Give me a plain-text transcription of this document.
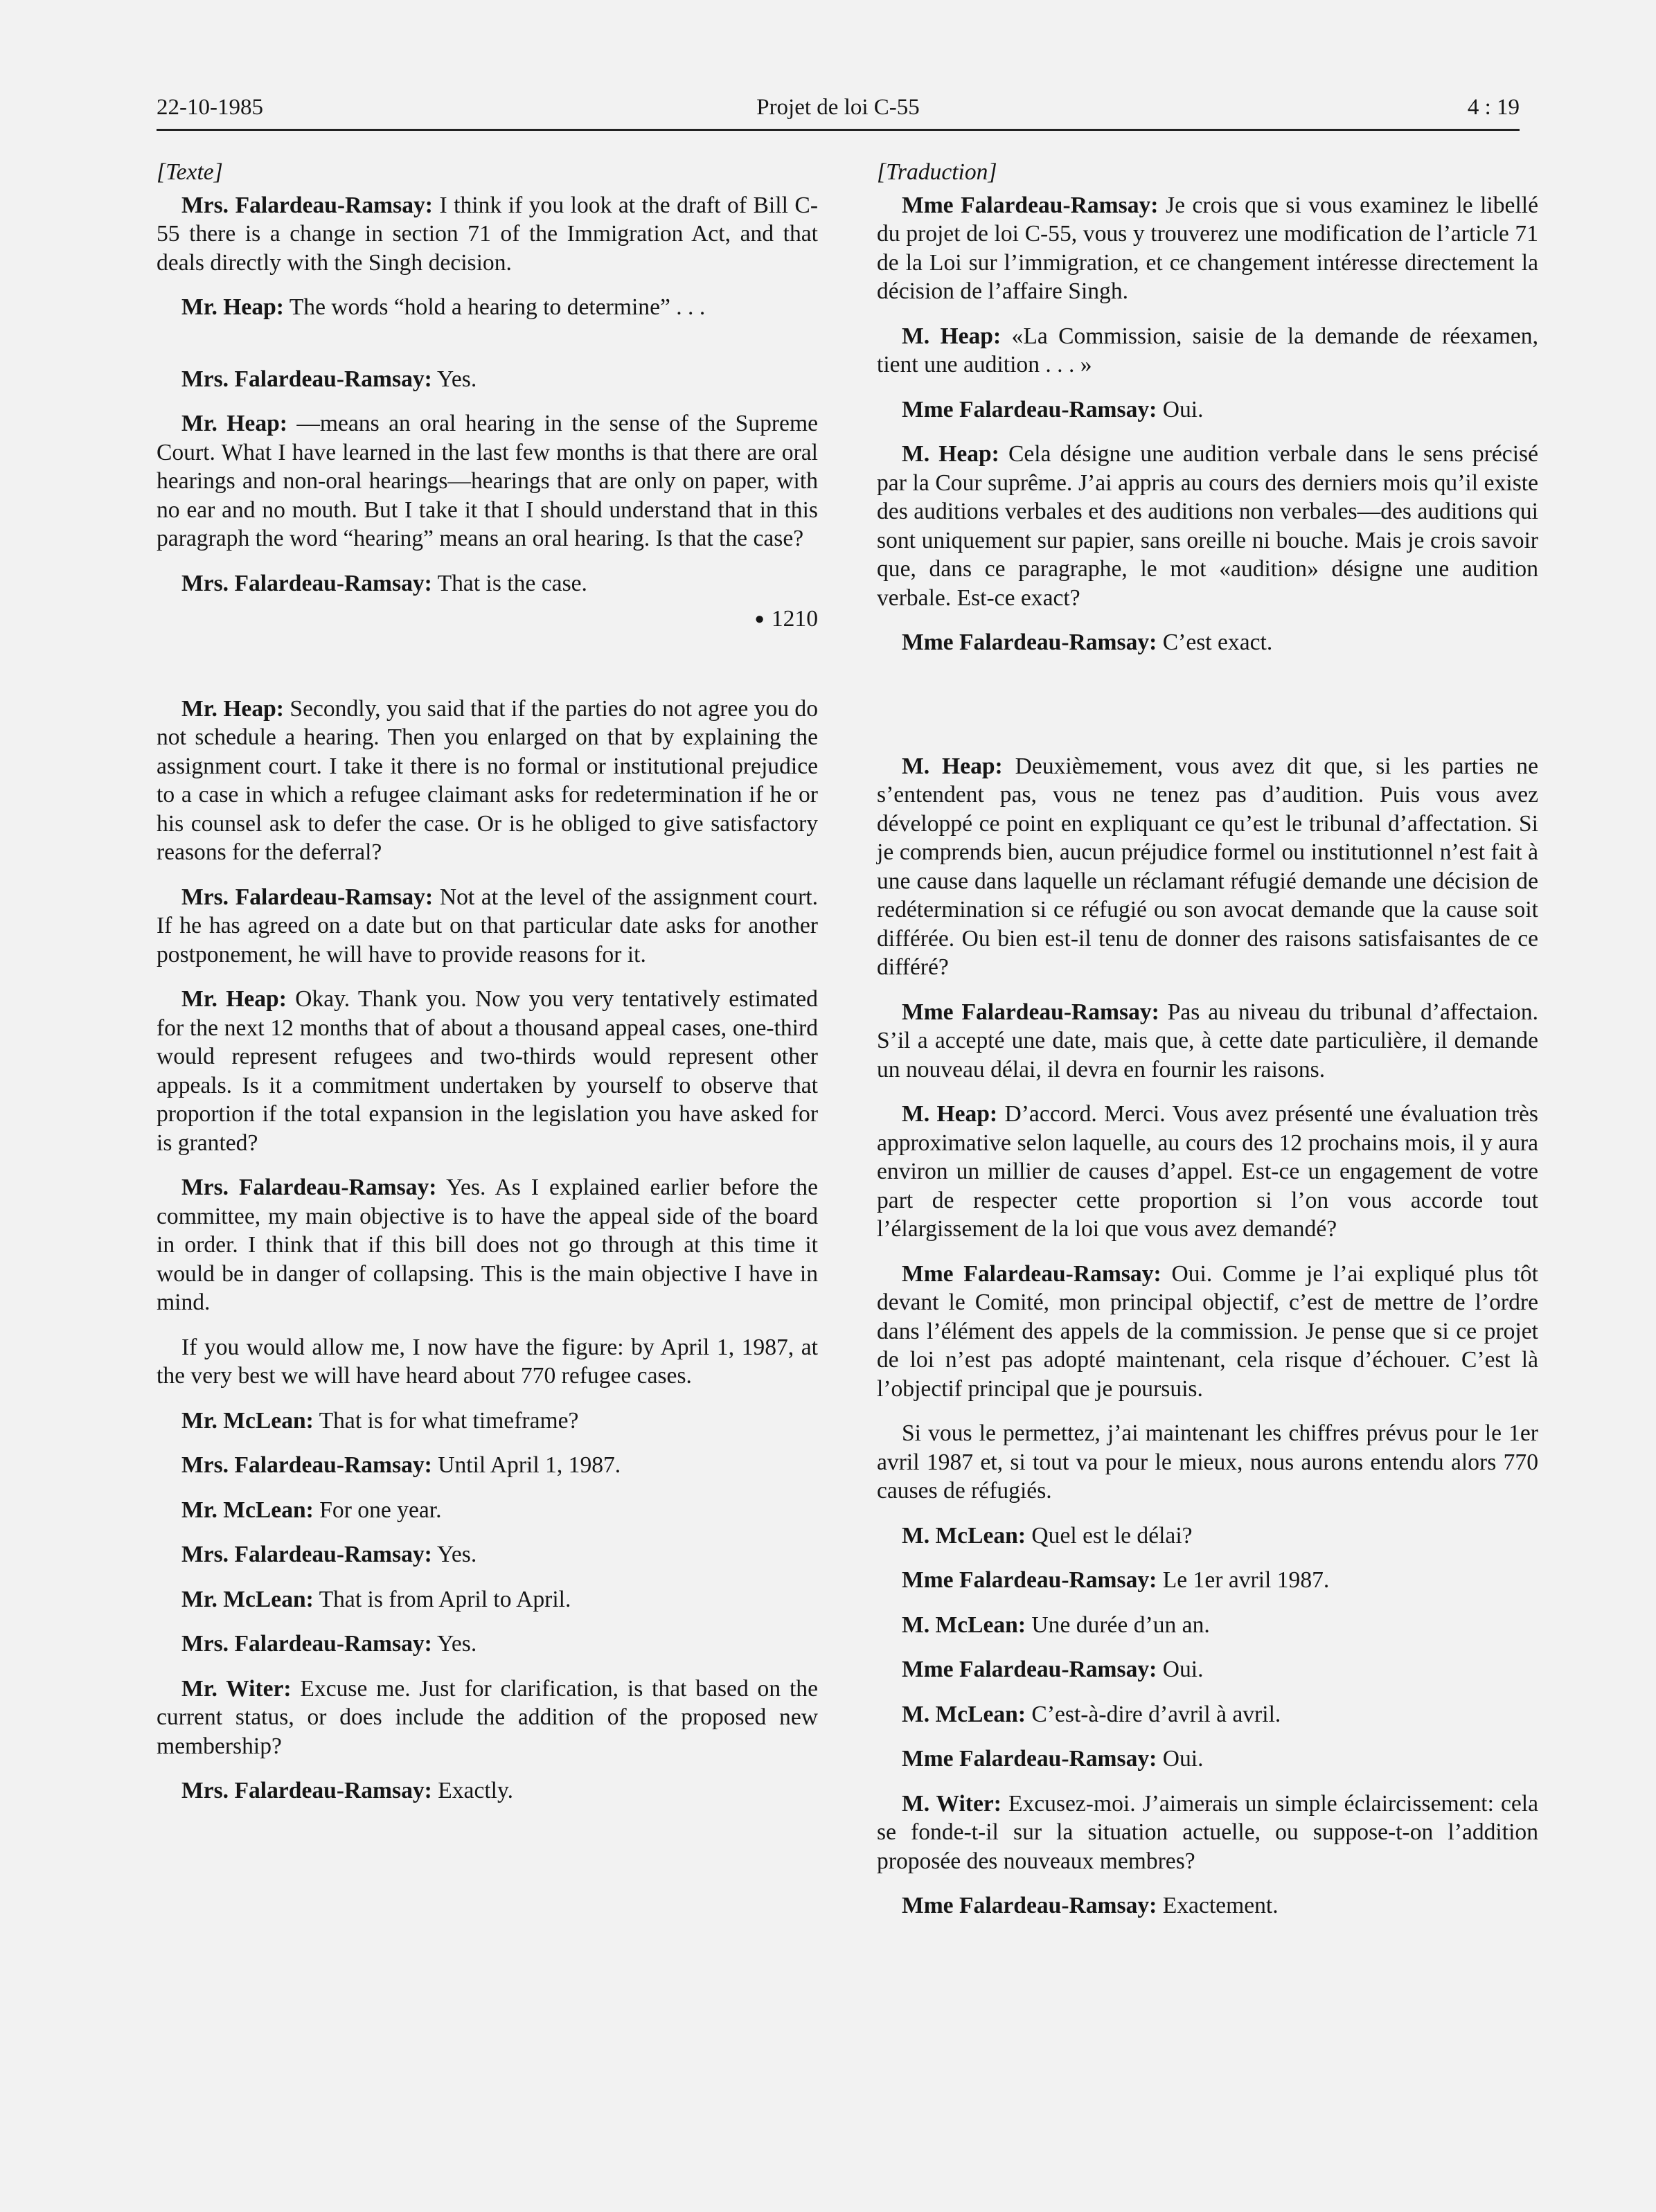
22-10-1985	Projet de loi C-55	4 : 19
[Texte]

Mrs. Falardeau-Ramsay: I think if you look at the draft of Bill C-55 there is a change in section 71 of the Immigration Act, and that deals directly with the Singh decision.

Mr. Heap: The words “hold a hearing to determine” . . .

Mrs. Falardeau-Ramsay: Yes.

Mr. Heap: —means an oral hearing in the sense of the Supreme Court. What I have learned in the last few months is that there are oral hearings and non-oral hearings—hearings that are only on paper, with no ear and no mouth. But I take it that I should understand that in this paragraph the word “hearing” means an oral hearing. Is that the case?

Mrs. Falardeau-Ramsay: That is the case.

● 1210

Mr. Heap: Secondly, you said that if the parties do not agree you do not schedule a hearing. Then you enlarged on that by explaining the assignment court. I take it there is no formal or institutional prejudice to a case in which a refugee claimant asks for redetermination if he or his counsel ask to defer the case. Or is he obliged to give satisfactory reasons for the deferral?

Mrs. Falardeau-Ramsay: Not at the level of the assignment court. If he has agreed on a date but on that particular date asks for another postponement, he will have to provide reasons for it.

Mr. Heap: Okay. Thank you. Now you very tentatively estimated for the next 12 months that of about a thousand appeal cases, one-third would represent refugees and two-thirds would represent other appeals. Is it a commitment undertaken by yourself to observe that proportion if the total expansion in the legislation you have asked for is granted?

Mrs. Falardeau-Ramsay: Yes. As I explained earlier before the committee, my main objective is to have the appeal side of the board in order. I think that if this bill does not go through at this time it would be in danger of collapsing. This is the main objective I have in mind.

If you would allow me, I now have the figure: by April 1, 1987, at the very best we will have heard about 770 refugee cases.

Mr. McLean: That is for what timeframe?

Mrs. Falardeau-Ramsay: Until April 1, 1987.

Mr. McLean: For one year.

Mrs. Falardeau-Ramsay: Yes.

Mr. McLean: That is from April to April.

Mrs. Falardeau-Ramsay: Yes.

Mr. Witer: Excuse me. Just for clarification, is that based on the current status, or does include the addition of the proposed new membership?

Mrs. Falardeau-Ramsay: Exactly.

[Traduction]

Mme Falardeau-Ramsay: Je crois que si vous examinez le libellé du projet de loi C-55, vous y trouverez une modification de l’article 71 de la Loi sur l’immigration, et ce changement intéresse directement la décision de l’affaire Singh.

M. Heap: «La Commission, saisie de la demande de réexamen, tient une audition . . . »

Mme Falardeau-Ramsay: Oui.

M. Heap: Cela désigne une audition verbale dans le sens précisé par la Cour suprême. J’ai appris au cours des derniers mois qu’il existe des auditions verbales et des auditions non verbales—des auditions qui sont uniquement sur papier, sans oreille ni bouche. Mais je crois savoir que, dans ce paragraphe, le mot «audition» désigne une audition verbale. Est-ce exact?

Mme Falardeau-Ramsay: C’est exact.

M. Heap: Deuxièmement, vous avez dit que, si les parties ne s’entendent pas, vous ne tenez pas d’audition. Puis vous avez développé ce point en expliquant ce qu’est le tribunal d’affectation. Si je comprends bien, aucun préjudice formel ou institutionnel n’est fait à une cause dans laquelle un réclamant réfugié demande une décision de redétermination si ce réfugié ou son avocat demande que la cause soit différée. Ou bien est-il tenu de donner des raisons satisfaisantes de ce différé?

Mme Falardeau-Ramsay: Pas au niveau du tribunal d’affectaion. S’il a accepté une date, mais que, à cette date particulière, il demande un nouveau délai, il devra en fournir les raisons.

M. Heap: D’accord. Merci. Vous avez présenté une évaluation très approximative selon laquelle, au cours des 12 prochains mois, il y aura environ un millier de causes d’appel. Est-ce un engagement de votre part de respecter cette proportion si l’on vous accorde tout l’élargissement de la loi que vous avez demandé?

Mme Falardeau-Ramsay: Oui. Comme je l’ai expliqué plus tôt devant le Comité, mon principal objectif, c’est de mettre de l’ordre dans l’élément des appels de la commission. Je pense que si ce projet de loi n’est pas adopté maintenant, cela risque d’échouer. C’est là l’objectif principal que je poursuis.

Si vous le permettez, j’ai maintenant les chiffres prévus pour le 1er avril 1987 et, si tout va pour le mieux, nous aurons entendu alors 770 causes de réfugiés.

M. McLean: Quel est le délai?

Mme Falardeau-Ramsay: Le 1er avril 1987.

M. McLean: Une durée d’un an.

Mme Falardeau-Ramsay: Oui.

M. McLean: C’est-à-dire d’avril à avril.

Mme Falardeau-Ramsay: Oui.

M. Witer: Excusez-moi. J’aimerais un simple éclaircissement: cela se fonde-t-il sur la situation actuelle, ou suppose-t-on l’addition proposée des nouveaux membres?

Mme Falardeau-Ramsay: Exactement.
